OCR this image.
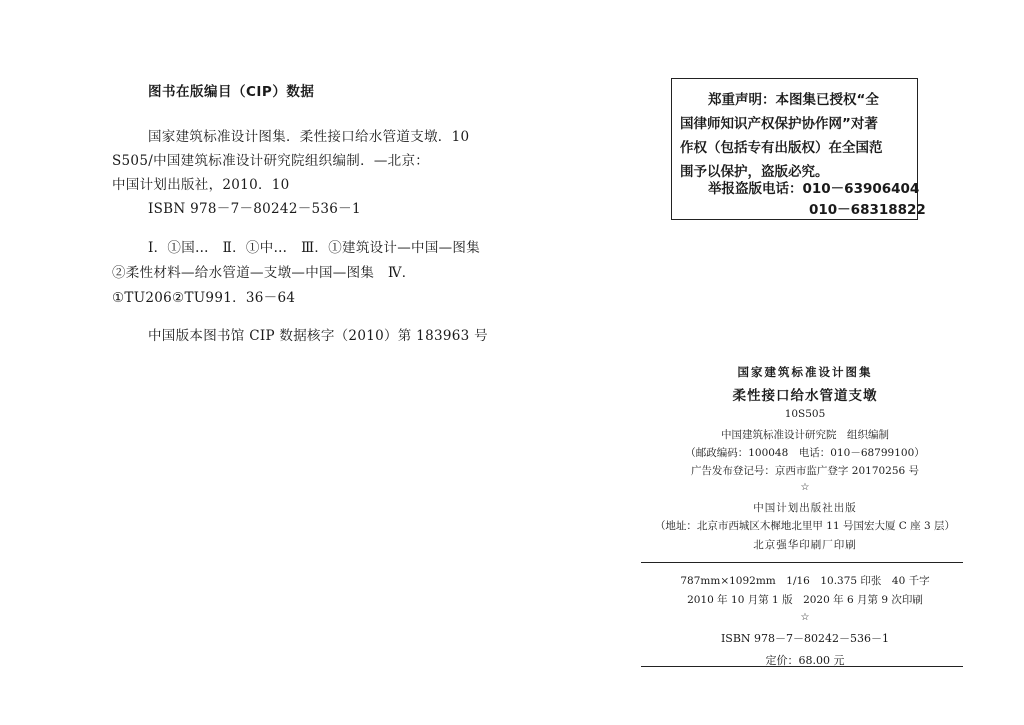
图书在版编目（CIP）数据
国家建筑标准设计图集．柔性接口给水管道支墩．10
S505/中国建筑标准设计研究院组织编制．—北京：
中国计划出版社，2010．10
ISBN 978－7－80242－536－1
Ⅰ．①国…　Ⅱ．①中…　Ⅲ．①建筑设计—中国—图集
②柔性材料—给水管道—支墩—中国—图集　Ⅳ．
①TU206②TU991．36－64
中国版本图书馆 CIP 数据核字（2010）第 183963 号
郑重声明：本图集已授权“全
国律师知识产权保护协作网”对著
作权（包括专有出版权）在全国范
围予以保护，盗版必究。
举报盗版电话：010－63906404
010－68318822
国家建筑标准设计图集
柔性接口给水管道支墩
10S505
中国建筑标准设计研究院　组织编制
（邮政编码：100048　电话：010－68799100）
广告发布登记号：京西市监广登字 20170256 号
☆
中国计划出版社出版
（地址：北京市西城区木樨地北里甲 11 号国宏大厦 C 座 3 层）
北京强华印刷厂印刷
787mm×1092mm　1/16　10.375 印张　40 千字
2010 年 10 月第 1 版　2020 年 6 月第 9 次印刷
☆
ISBN 978－7－80242－536－1
定价：68.00 元
